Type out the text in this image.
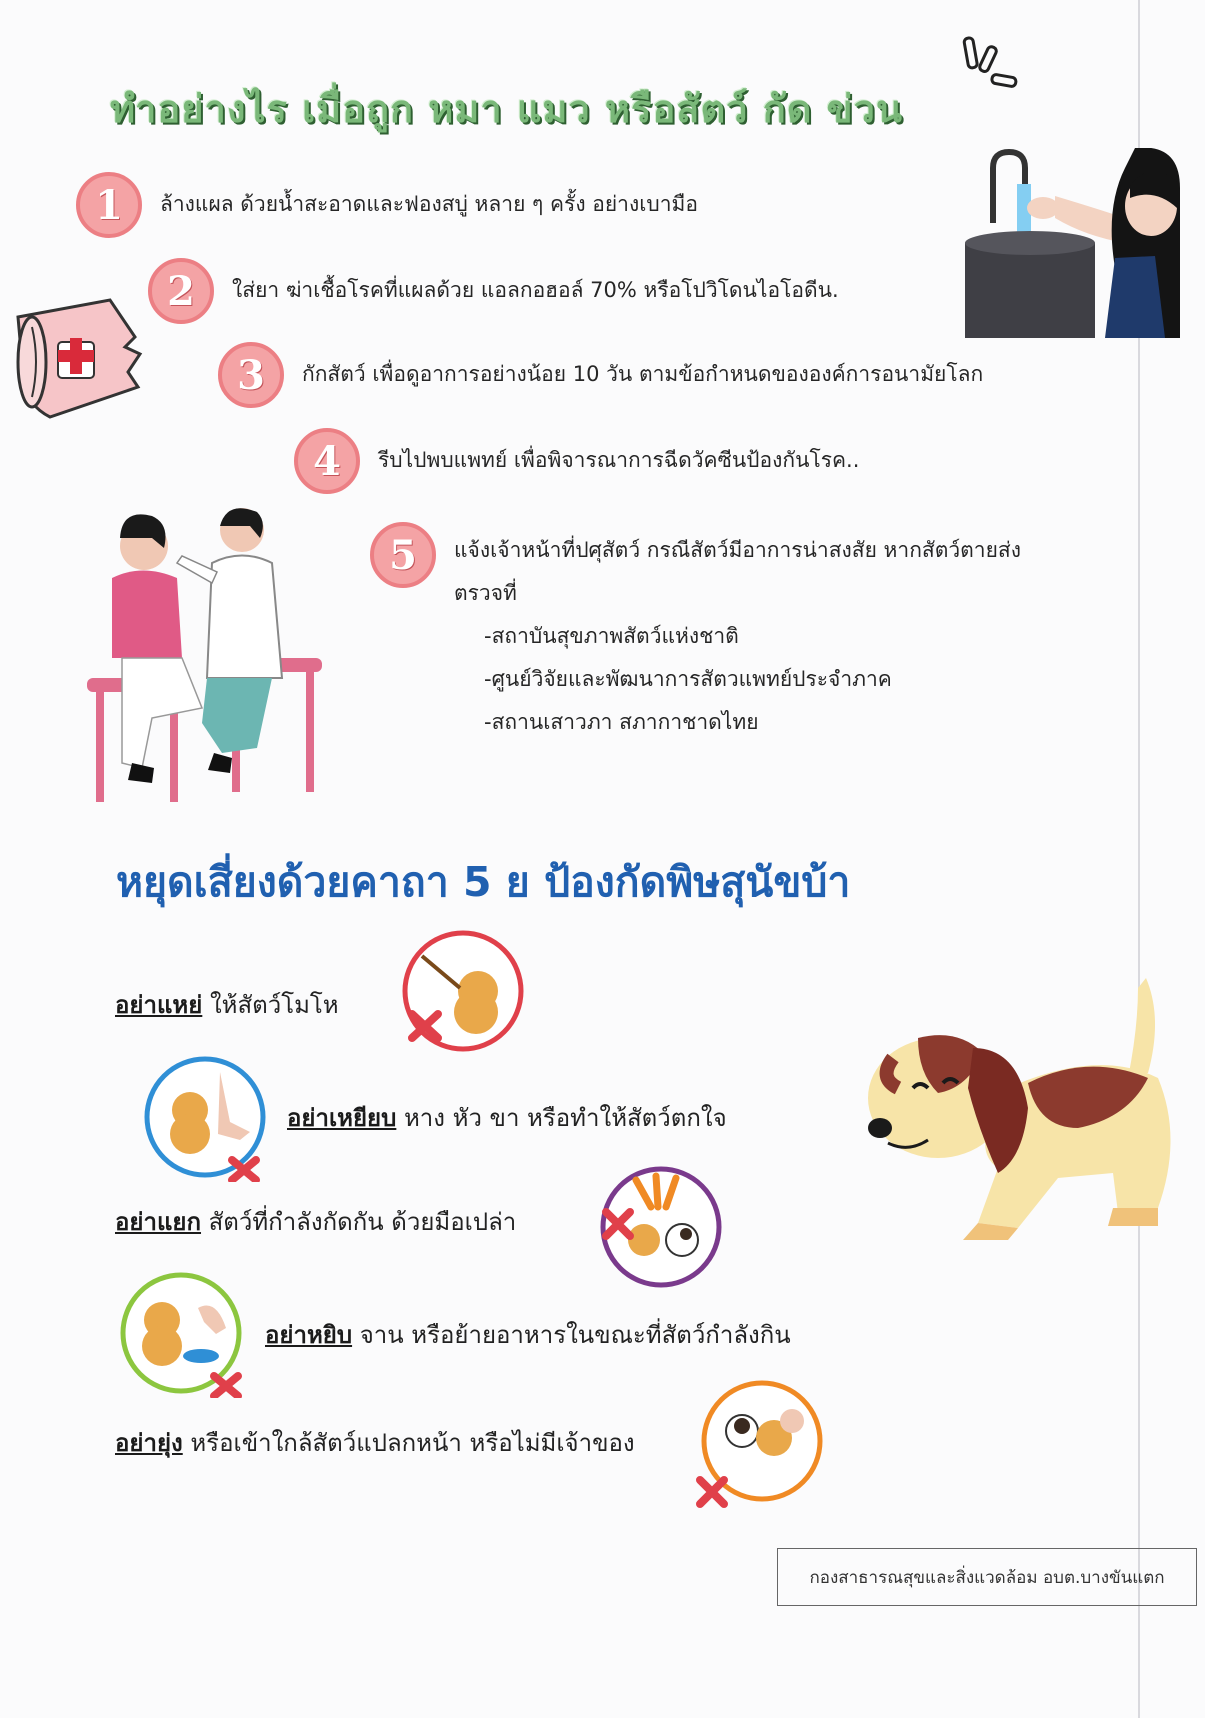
ทำอย่างไร เมื่อถูก หมา แมว หรือสัตว์ กัด ข่วน
1	ล้างแผล ด้วยน้ำสะอาดและฟองสบู่ หลาย ๆ ครั้ง อย่างเบามือ
2	ใส่ยา ฆ่าเชื้อโรคที่แผลด้วย แอลกอฮอล์ 70% หรือโปวิโดนไอโอดีน.
3	กักสัตว์ เพื่อดูอาการอย่างน้อย 10 วัน ตามข้อกำหนดขององค์การอนามัยโลก
4	รีบไปพบแพทย์ เพื่อพิจารณาการฉีดวัคซีนป้องกันโรค..
5	แจ้งเจ้าหน้าที่ปศุสัตว์ กรณีสัตว์มีอาการน่าสงสัย หากสัตว์ตายส่งตรวจที่
-สถาบันสุขภาพสัตว์แห่งชาติ
-ศูนย์วิจัยและพัฒนาการสัตวแพทย์ประจำภาค
-สถานเสาวภา สภากาชาดไทย
หยุดเสี่ยงด้วยคาถา 5 ย ป้องกัดพิษสุนัขบ้า
อย่าแหย่ ให้สัตว์โมโห
อย่าเหยียบ หาง หัว ขา หรือทำให้สัตว์ตกใจ
อย่าแยก สัตว์ที่กำลังกัดกัน ด้วยมือเปล่า
อย่าหยิบ จาน หรือย้ายอาหารในขณะที่สัตว์กำลังกิน
อย่ายุ่ง หรือเข้าใกล้สัตว์แปลกหน้า หรือไม่มีเจ้าของ
กองสาธารณสุขและสิ่งแวดล้อม อบต.บางขันแตก
